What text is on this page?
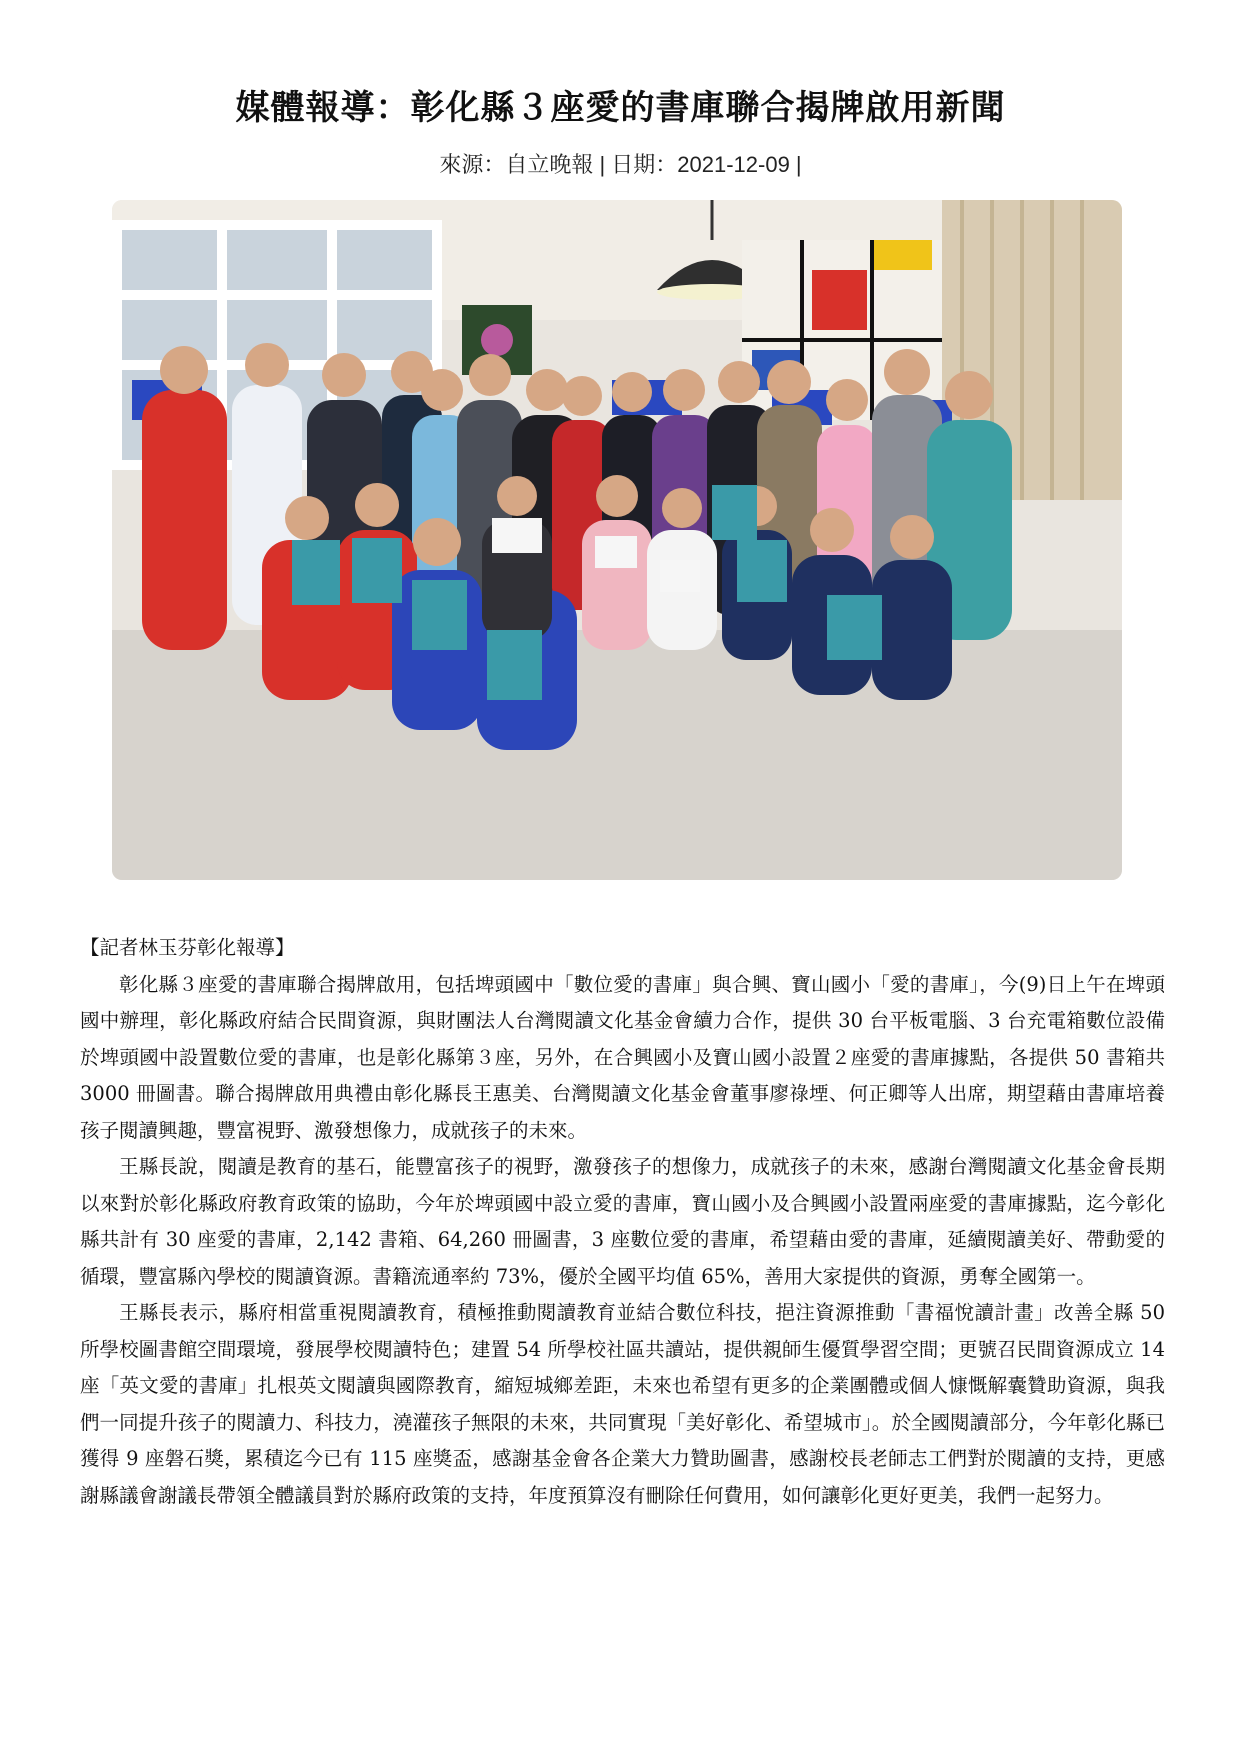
媒體報導：彰化縣３座愛的書庫聯合揭牌啟用新聞
來源：自立晚報 | 日期：2021-12-09 |

【記者林玉芬彰化報導】

彰化縣３座愛的書庫聯合揭牌啟用，包括埤頭國中「數位愛的書庫」與合興、寶山國小「愛的書庫」，今(9)日上午在埤頭國中辦理，彰化縣政府結合民間資源，與財團法人台灣閱讀文化基金會續力合作，提供 30 台平板電腦、3 台充電箱數位設備於埤頭國中設置數位愛的書庫，也是彰化縣第３座，另外，在合興國小及寶山國小設置２座愛的書庫據點，各提供 50 書箱共 3000 冊圖書。聯合揭牌啟用典禮由彰化縣長王惠美、台灣閱讀文化基金會董事廖祿堙、何正卿等人出席，期望藉由書庫培養孩子閱讀興趣，豐富視野、激發想像力，成就孩子的未來。

王縣長說，閱讀是教育的基石，能豐富孩子的視野，激發孩子的想像力，成就孩子的未來，感謝台灣閱讀文化基金會長期以來對於彰化縣政府教育政策的協助，今年於埤頭國中設立愛的書庫，寶山國小及合興國小設置兩座愛的書庫據點，迄今彰化縣共計有 30 座愛的書庫，2,142 書箱、64,260 冊圖書，3 座數位愛的書庫，希望藉由愛的書庫，延續閱讀美好、帶動愛的循環，豐富縣內學校的閱讀資源。書籍流通率約 73%，優於全國平均值 65%，善用大家提供的資源，勇奪全國第一。

王縣長表示，縣府相當重視閱讀教育，積極推動閱讀教育並結合數位科技，挹注資源推動「書福悅讀計畫」改善全縣 50 所學校圖書館空間環境，發展學校閱讀特色；建置 54 所學校社區共讀站，提供親師生優質學習空間；更號召民間資源成立 14 座「英文愛的書庫」扎根英文閱讀與國際教育，縮短城鄉差距，未來也希望有更多的企業團體或個人慷慨解囊贊助資源，與我們一同提升孩子的閱讀力、科技力，澆灌孩子無限的未來，共同實現「美好彰化、希望城市」。於全國閱讀部分，今年彰化縣已獲得 9 座磐石獎，累積迄今已有 115 座獎盃，感謝基金會各企業大力贊助圖書，感謝校長老師志工們對於閱讀的支持，更感謝縣議會謝議長帶領全體議員對於縣府政策的支持，年度預算沒有刪除任何費用，如何讓彰化更好更美，我們一起努力。
